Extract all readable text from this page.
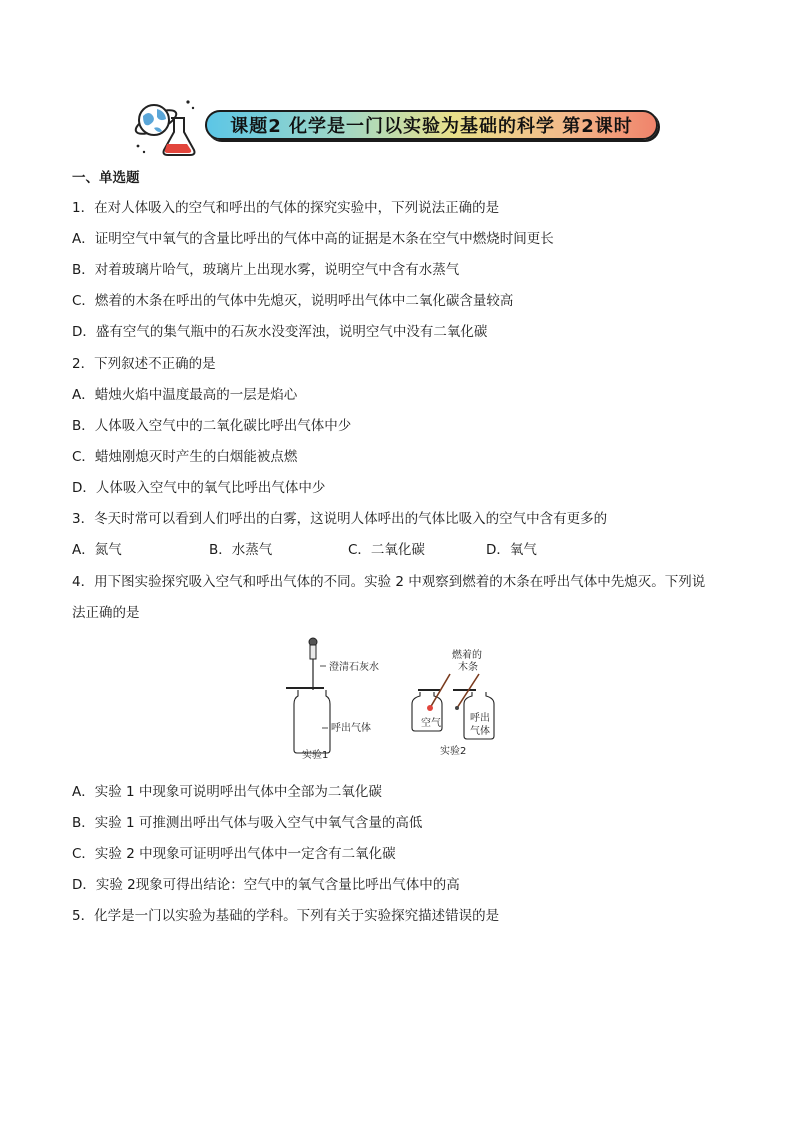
课题2 化学是一门以实验为基础的科学 第2课时
一、单选题
1．在对人体吸入的空气和呼出的气体的探究实验中，下列说法正确的是
A．证明空气中氧气的含量比呼出的气体中高的证据是木条在空气中燃烧时间更长
B．对着玻璃片哈气，玻璃片上出现水雾，说明空气中含有水蒸气
C．燃着的木条在呼出的气体中先熄灭，说明呼出气体中二氧化碳含量较高
D．盛有空气的集气瓶中的石灰水没变浑浊，说明空气中没有二氧化碳
2．下列叙述不正确的是
A．蜡烛火焰中温度最高的一层是焰心
B．人体吸入空气中的二氧化碳比呼出气体中少
C．蜡烛刚熄灭时产生的白烟能被点燃
D．人体吸入空气中的氧气比呼出气体中少
3．冬天时常可以看到人们呼出的白雾，这说明人体呼出的气体比吸入的空气中含有更多的
A．氮气	B．水蒸气	C．二氧化碳	D．氧气
4．用下图实验探究吸入空气和呼出气体的不同。实验 2 中观察到燃着的木条在呼出气体中先熄灭。下列说
法正确的是
澄清石灰水
呼出气体
实验1
燃着的
木条
空气	呼出
气体
实验2
A．实验 1 中现象可说明呼出气体中全部为二氧化碳
B．实验 1 可推测出呼出气体与吸入空气中氧气含量的高低
C．实验 2 中现象可证明呼出气体中一定含有二氧化碳
D．实验 2现象可得出结论：空气中的氧气含量比呼出气体中的高
5．化学是一门以实验为基础的学科。下列有关于实验探究描述错误的是
